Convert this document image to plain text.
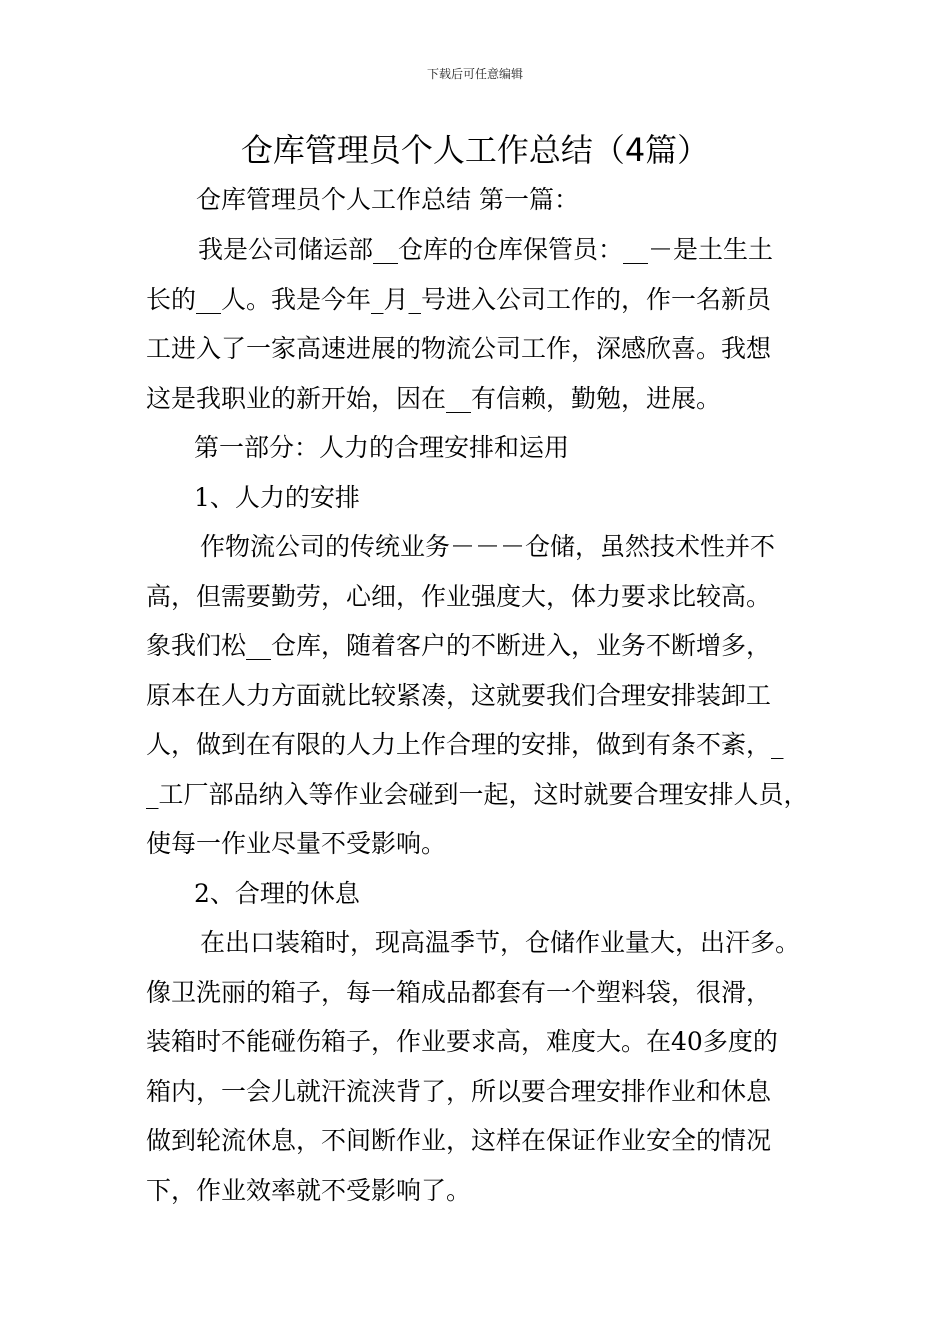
下载后可任意编辑
仓库管理员个人工作总结（4篇）

仓库管理员个人工作总结 第一篇：

我是公司储运部__仓库的仓库保管员：__－是土生土

长的__人。我是今年_月_号进入公司工作的，作一名新员

工进入了一家高速进展的物流公司工作，深感欣喜。我想

这是我职业的新开始，因在__有信赖，勤勉，进展。

第一部分：人力的合理安排和运用

1、人力的安排

作物流公司的传统业务－－－仓储，虽然技术性并不

高，但需要勤劳，心细，作业强度大，体力要求比较高。

象我们松__仓库，随着客户的不断进入，业务不断增多，

原本在人力方面就比较紧凑，这就要我们合理安排装卸工

人，做到在有限的人力上作合理的安排，做到有条不紊，_

_工厂部品纳入等作业会碰到一起，这时就要合理安排人员，

使每一作业尽量不受影响。

2、合理的休息

在出口装箱时，现高温季节，仓储作业量大，出汗多。

像卫洗丽的箱子，每一箱成品都套有一个塑料袋，很滑，

装箱时不能碰伤箱子，作业要求高，难度大。在40多度的

箱内，一会儿就汗流浃背了，所以要合理安排作业和休息

做到轮流休息，不间断作业，这样在保证作业安全的情况

下，作业效率就不受影响了。
